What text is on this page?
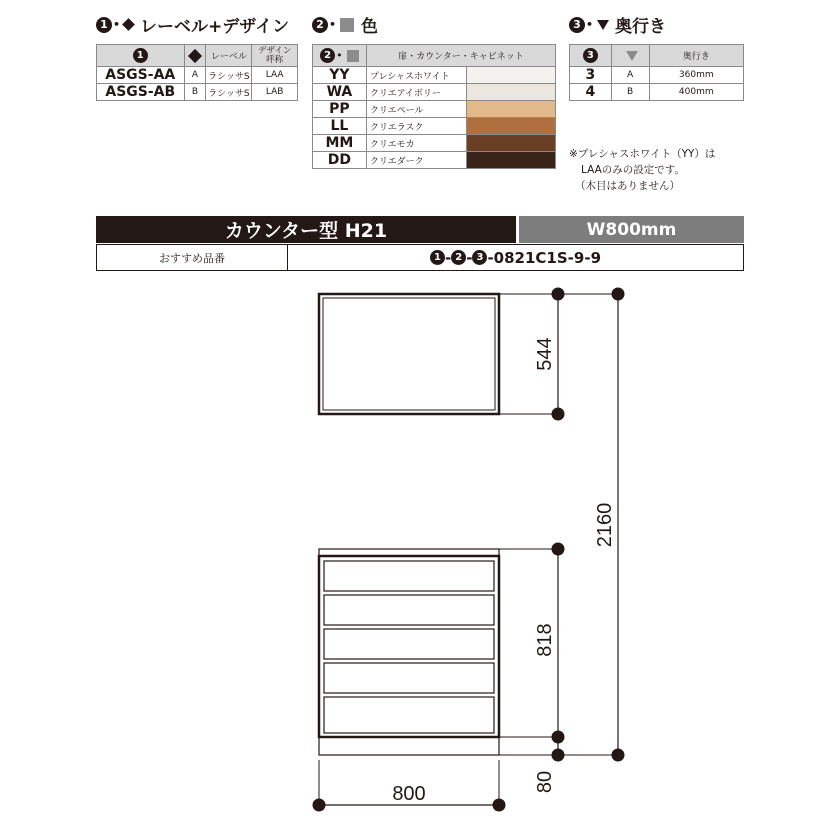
1 • レーベル+デザイン
1		レーベル	デザイン
呼称

ASGS-AA	A	ラシッサS	LAA
ASGS-AB	B	ラシッサS	LAB
2 • 色
2 •	扉・カウンター・キャビネット	
YY	プレシャスホワイト	

WA	クリエアイボリー	

PP	クリエペール	

LL	クリエラスク	

MM	クリエモカ	

DD	クリエダーク	
3 • 奥行き
3		奥行き
3	A	360mm
4	B	400mm
※プレシャスホワイト（YY）は
LAAのみの設定です。
（木目はありません）
カウンター型 H21	W800mm
おすすめ品番	1 - 2 - 3 -0821C1S-9-9
544
2160
818
80
800
